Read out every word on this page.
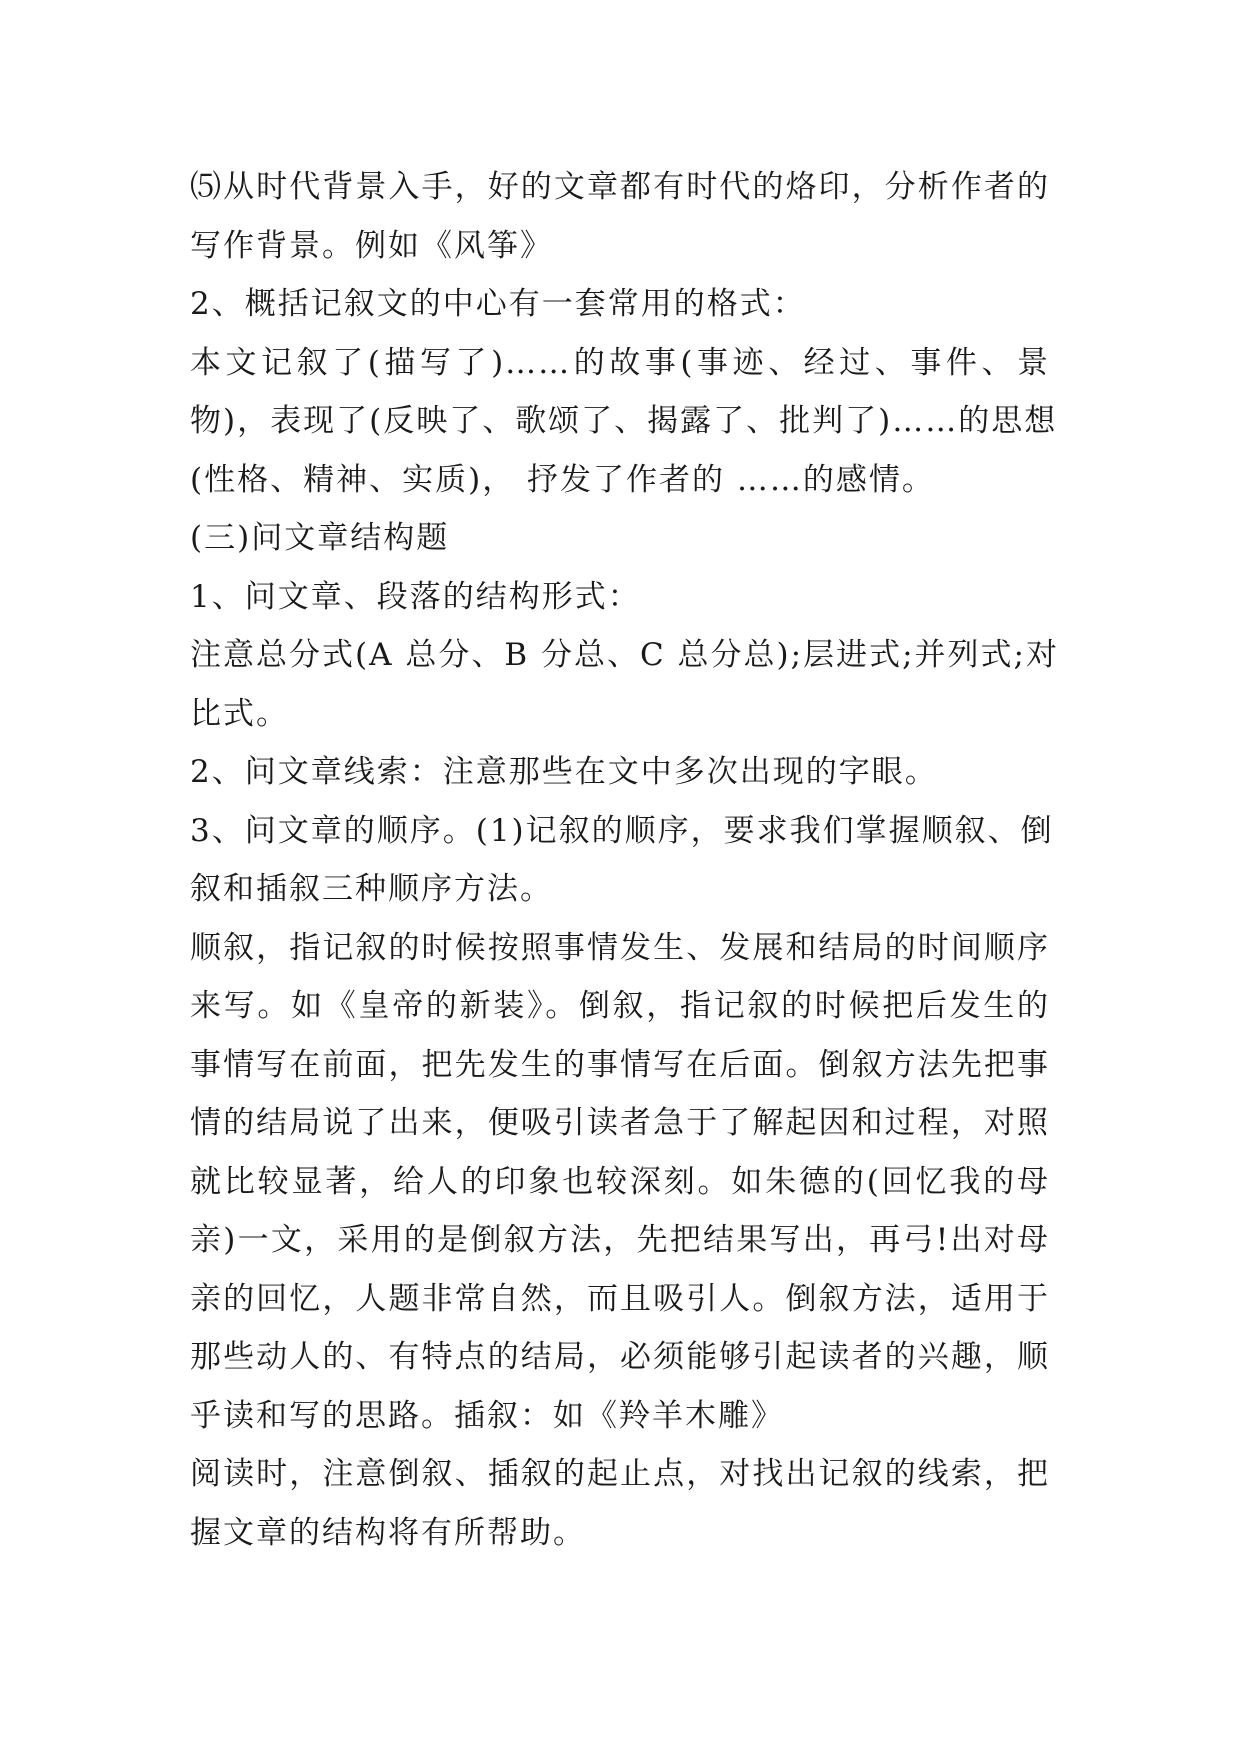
⑸从时代背景入手，好的文章都有时代的烙印，分析作者的
写作背景。例如《风筝》
2、概括记叙文的中心有一套常用的格式：
本文记叙了(描写了)……的故事(事迹、经过、事件、景
物)，表现了(反映了、歌颂了、揭露了、批判了)……的思想
(性格、精神、实质)， 抒发了作者的 ……的感情。
(三)问文章结构题
1、问文章、段落的结构形式：
注意总分式(A 总分、B 分总、C 总分总);层进式;并列式;对
比式。
2、问文章线索：注意那些在文中多次出现的字眼。
3、问文章的顺序。(1)记叙的顺序，要求我们掌握顺叙、倒
叙和插叙三种顺序方法。
顺叙，指记叙的时候按照事情发生、发展和结局的时间顺序
来写。如《皇帝的新装》。倒叙，指记叙的时候把后发生的
事情写在前面，把先发生的事情写在后面。倒叙方法先把事
情的结局说了出来，便吸引读者急于了解起因和过程，对照
就比较显著，给人的印象也较深刻。如朱德的(回忆我的母
亲)一文，采用的是倒叙方法，先把结果写出，再弓!出对母
亲的回忆，人题非常自然，而且吸引人。倒叙方法，适用于
那些动人的、有特点的结局，必须能够引起读者的兴趣，顺
乎读和写的思路。插叙：如《羚羊木雕》
阅读时，注意倒叙、插叙的起止点，对找出记叙的线索，把
握文章的结构将有所帮助。
